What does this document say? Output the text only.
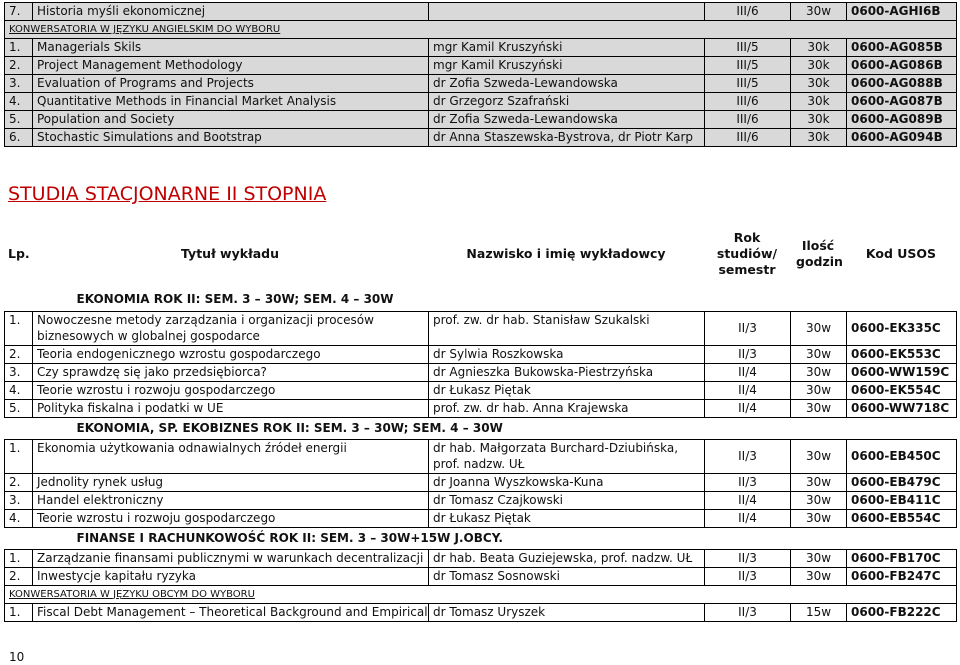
7.	Historia myśli ekonomicznej		III/6	30w	0600-AGHI6B
KONWERSATORIA W JĘZYKU ANGIELSKIM DO WYBORU					
1.	Managerials Skils	mgr Kamil Kruszyński	III/5	30k	0600-AG085B
2.	Project Management Methodology	mgr Kamil Kruszyński	III/5	30k	0600-AG086B
3.	Evaluation of Programs and Projects	dr Zofia Szweda-Lewandowska	III/5	30k	0600-AG088B
4.	Quantitative Methods in Financial Market Analysis	dr Grzegorz Szafrański	III/6	30k	0600-AG087B
5.	Population and Society	dr Zofia Szweda-Lewandowska	III/6	30k	0600-AG089B
6.	Stochastic Simulations and Bootstrap	dr Anna Staszewska-Bystrova, dr Piotr Karp	III/6	30k	0600-AG094B
STUDIA STACJONARNE II STOPNIA
Lp.	Tytuł wykładu	Nazwisko i imię wykładowcy	Rok studiów/ semestr	Ilość godzin	Kod USOS
	EKONOMIA ROK II: SEM. 3 – 30W; SEM. 4 – 30W				
1.	Nowoczesne metody zarządzania i organizacji procesów biznesowych w globalnej gospodarce	prof. zw. dr hab. Stanisław Szukalski	II/3	30w	0600-EK335C
2.	Teoria endogenicznego wzrostu gospodarczego	dr Sylwia Roszkowska	II/3	30w	0600-EK553C
3.	Czy sprawdzę się jako przedsiębiorca?	dr Agnieszka Bukowska-Piestrzyńska	II/4	30w	0600-WW159C
4.	Teorie wzrostu i rozwoju gospodarczego	dr Łukasz Piętak	II/4	30w	0600-EK554C
5.	Polityka fiskalna i podatki w UE	prof. zw. dr hab. Anna Krajewska	II/4	30w	0600-WW718C
	EKONOMIA, SP. EKOBIZNES ROK II: SEM. 3 – 30W; SEM. 4 – 30W				
1.	Ekonomia użytkowania odnawialnych źródeł energii	dr hab. Małgorzata Burchard-Dziubińska, prof. nadzw. UŁ	II/3	30w	0600-EB450C
2.	Jednolity rynek usług	dr Joanna Wyszkowska-Kuna	II/3	30w	0600-EB479C
3.	Handel elektroniczny	dr Tomasz Czajkowski	II/4	30w	0600-EB411C
4.	Teorie wzrostu i rozwoju gospodarczego	dr Łukasz Piętak	II/4	30w	0600-EB554C
	FINANSE I RACHUNKOWOŚĆ ROK II: SEM. 3 – 30W+15W J.OBCY.				
1.	Zarządzanie finansami publicznymi w warunkach decentralizacji	dr hab. Beata Guziejewska, prof. nadzw. UŁ	II/3	30w	0600-FB170C
2.	Inwestycje kapitału ryzyka	dr Tomasz Sosnowski	II/3	30w	0600-FB247C
KONWERSATORIA W JĘZYKU OBCYM DO WYBORU					
1.	Fiscal Debt Management – Theoretical Background and Empirical	dr Tomasz Uryszek	II/3	15w	0600-FB222C
10
